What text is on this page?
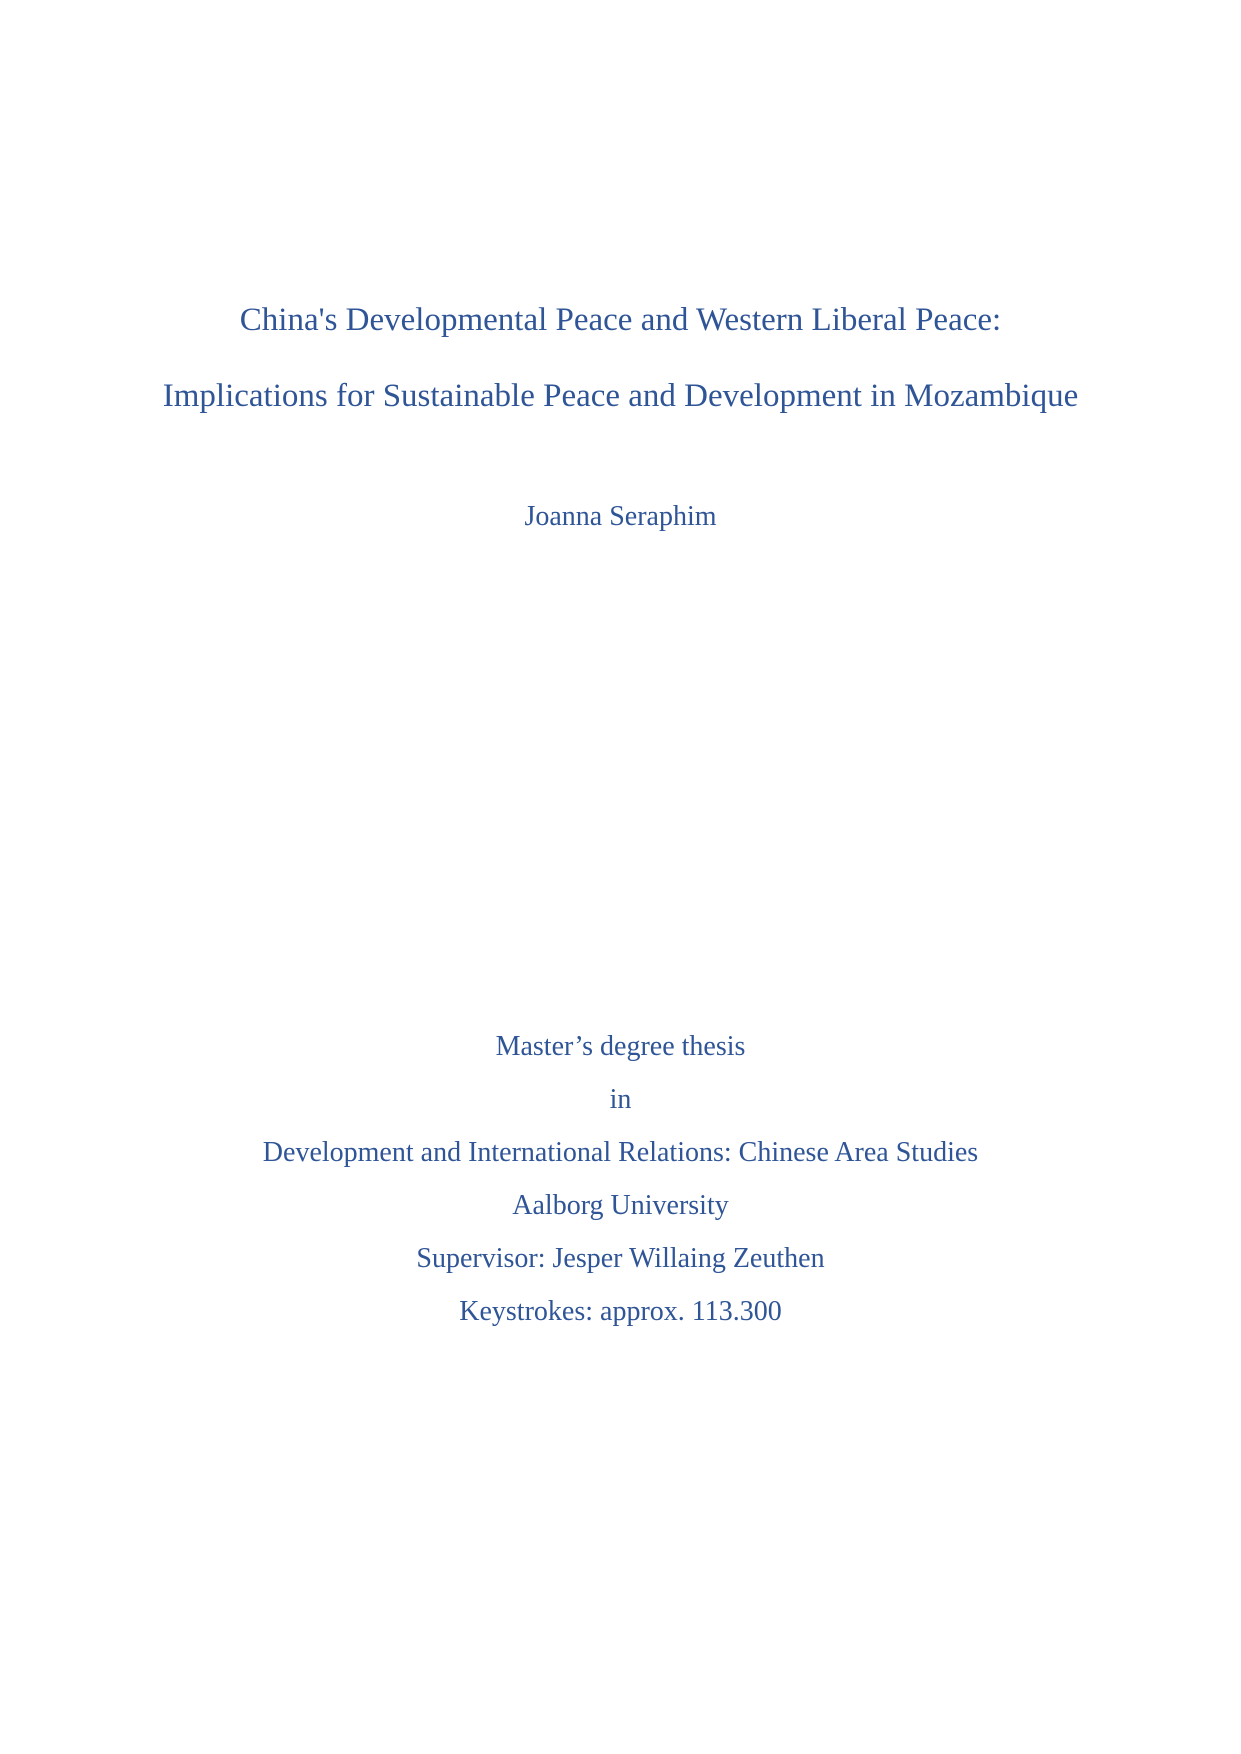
China's Developmental Peace and Western Liberal Peace:
Implications for Sustainable Peace and Development in Mozambique

Joanna Seraphim

Master’s degree thesis

in

Development and International Relations: Chinese Area Studies

Aalborg University

Supervisor: Jesper Willaing Zeuthen

Keystrokes: approx. 113.300
